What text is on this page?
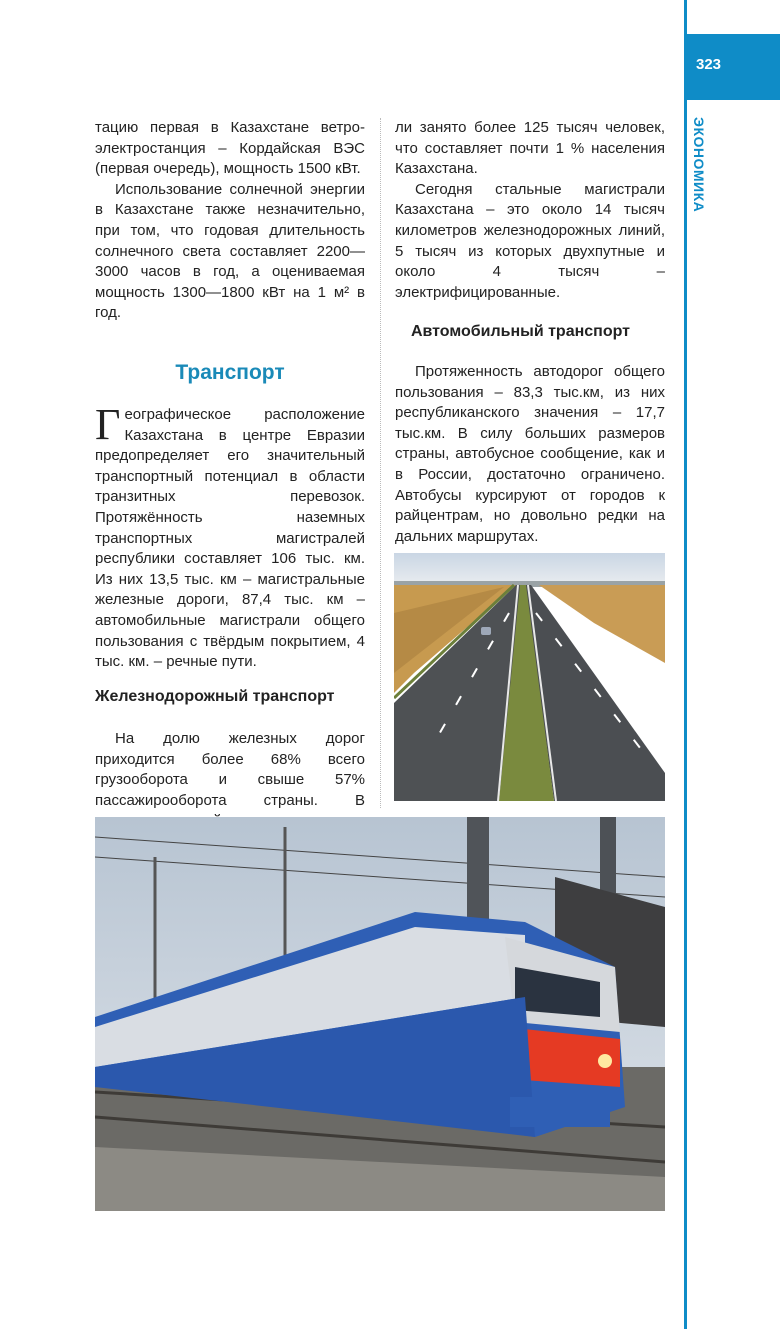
323
ЭКОНОМИКА

тацию первая в Казахстане ветро-электростанция – Кордайская ВЭС (первая очередь), мощность 1500 кВт.

Использование солнечной энергии в Казахстане также незначительно, при том, что годовая длительность солнечного света составляет 2200—3000 часов в год, а оцениваемая мощность 1300—1800 кВт на 1 м² в год.

Транспорт

Географическое расположение Казахстана в центре Евразии предопределяет его значительный транспортный потенциал в области транзитных перевозок. Протяжённость наземных транспортных магистралей республики составляет 106 тыс. км. Из них 13,5 тыс. км – магистральные железные дороги, 87,4 тыс. км – автомобильные магистрали общего пользования с твёрдым покрытием, 4 тыс. км. – речные пути.

Железнодорожный транспорт

На долю железных дорог приходится более 68% всего грузооборота и свыше 57% пассажирооборота страны. В

ли занято более 125 тысяч человек, что составляет почти 1 % населения Казахстана.

Сегодня стальные магистрали Казахстана – это около 14 тысяч километров железнодорожных линий, 5 тысяч из которых двухпутные и около 4 тысяч – электрифицированные.

Автомобильный транспорт

Протяженность автодорог общего пользования – 83,3 тыс.км, из них республиканского значения – 17,7 тыс.км. В силу больших размеров страны, автобусное сообщение, как и в России, достаточно ограничено. Автобусы курсируют от городов к райцентрам, но довольно редки на дальних маршрутах.
